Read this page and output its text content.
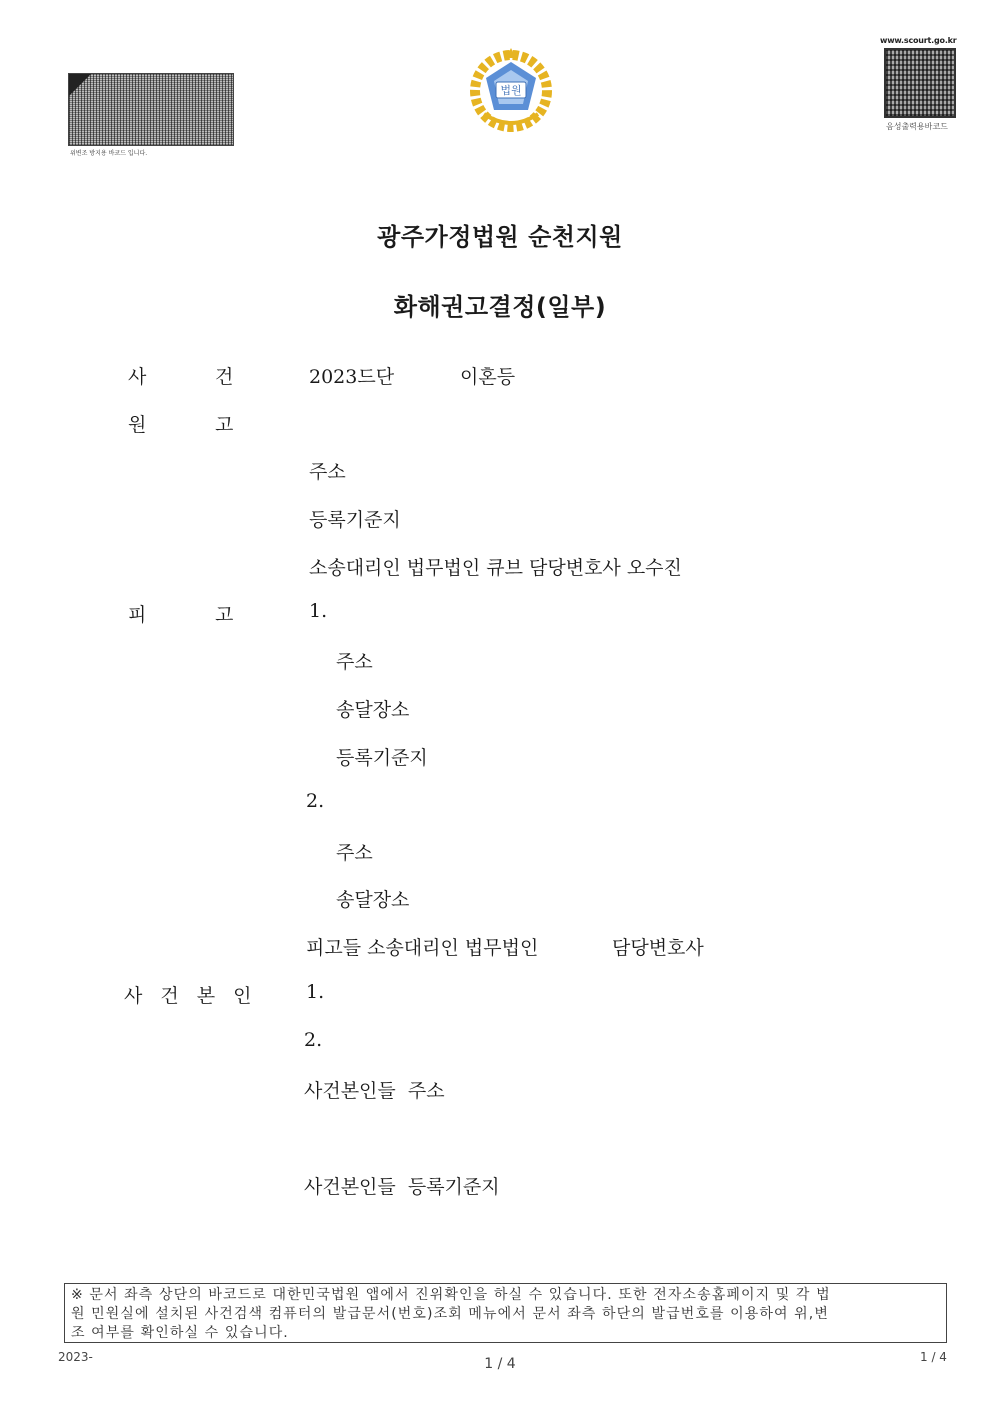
위변조 방지용 바코드 입니다.
법원
www.scourt.go.kr
음성출력용바코드
광주가정법원 순천지원
화해권고결정(일부)
사	건	2023드단	이혼등
원	고
주소
등록기준지
소송대리인 법무법인 큐브 담당변호사 오수진
피	고	1.
주소
송달장소
등록기준지
2.
주소
송달장소
피고들 소송대리인 법무법인	담당변호사
사 건 본 인	1.
2.
사건본인들  주소
사건본인들  등록기준지
※ 문서 좌측 상단의 바코드로 대한민국법원 앱에서 진위확인을 하실 수 있습니다. 또한 전자소송홈페이지 및 각 법
원 민원실에 설치된 사건검색 컴퓨터의 발급문서(번호)조회 메뉴에서 문서 좌측 하단의 발급번호를 이용하여 위,변
조 여부를 확인하실 수 있습니다.
2023-	1 / 4	1 / 4
